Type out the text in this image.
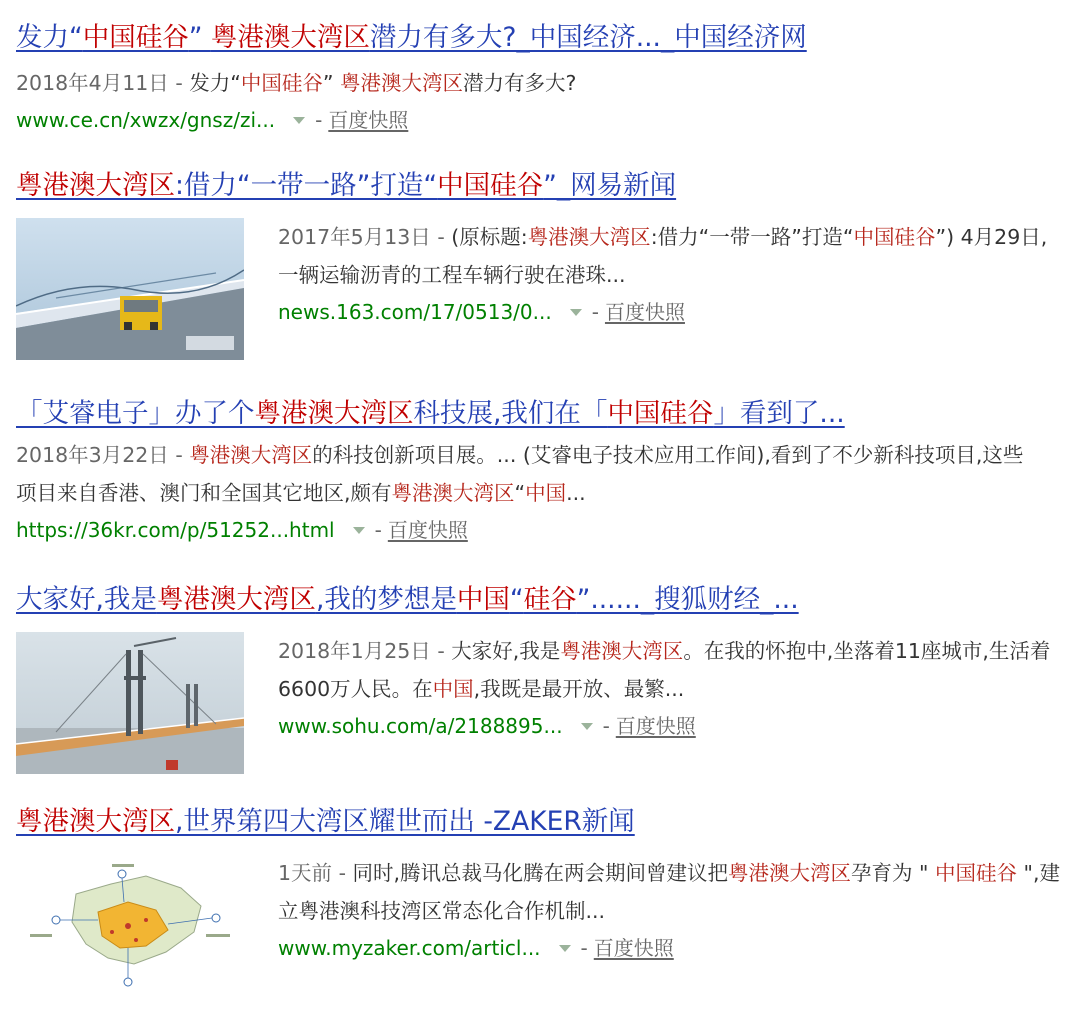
发力“中国硅谷” 粤港澳大湾区潜力有多大?_中国经济..._中国经济网

2018年4月11日 - 发力“中国硅谷” 粤港澳大湾区潜力有多大?

www.ce.cn/xwzx/gnsz/zi... - 百度快照
粤港澳大湾区:借力“一带一路”打造“中国硅谷”_网易新闻

2017年5月13日 - (原标题:粤港澳大湾区:借力“一带一路”打造“中国硅谷”) 4月29日,一辆运输沥青的工程车辆行驶在港珠...

news.163.com/17/0513/0... - 百度快照
「艾睿电子」办了个粤港澳大湾区科技展,我们在「中国硅谷」看到了...

2018年3月22日 - 粤港澳大湾区的科技创新项目展。... (艾睿电子技术应用工作间),看到了不少新科技项目,这些项目来自香港、澳门和全国其它地区,颇有粤港澳大湾区“中国...

https://36kr.com/p/51252...html - 百度快照
大家好,我是粤港澳大湾区,我的梦想是中国“硅谷”......_搜狐财经_...

2018年1月25日 - 大家好,我是粤港澳大湾区。在我的怀抱中,坐落着11座城市,生活着6600万人民。在中国,我既是最开放、最繁...

www.sohu.com/a/2188895... - 百度快照
粤港澳大湾区,世界第四大湾区耀世而出 -ZAKER新闻

1天前 - 同时,腾讯总裁马化腾在两会期间曾建议把粤港澳大湾区孕育为 " 中国硅谷 ",建立粤港澳科技湾区常态化合作机制...

www.myzaker.com/articl... - 百度快照
